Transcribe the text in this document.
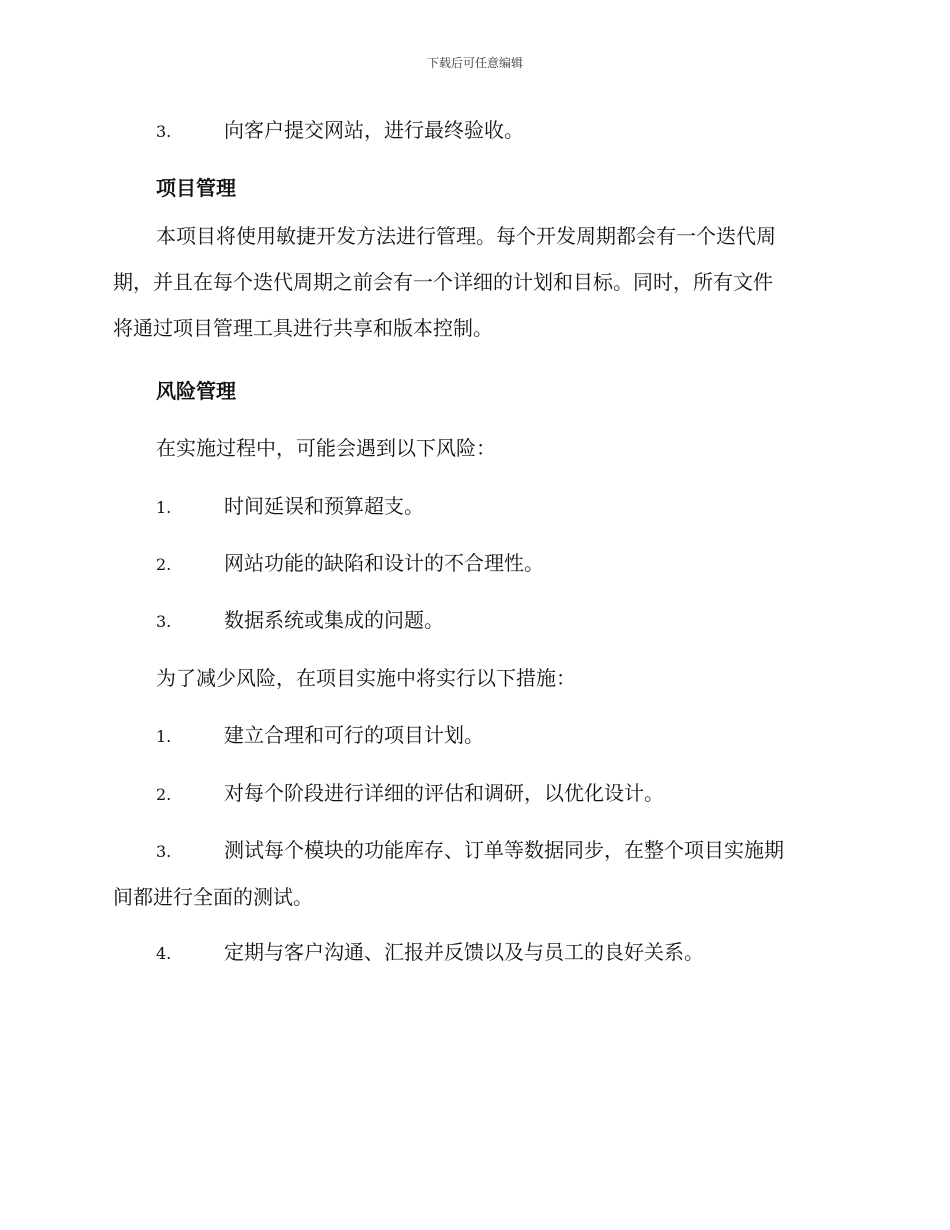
下载后可任意编辑
3.	向客户提交网站，进行最终验收。
项目管理
本项目将使用敏捷开发方法进行管理。每个开发周期都会有一个迭代周
期，并且在每个迭代周期之前会有一个详细的计划和目标。同时，所有文件
将通过项目管理工具进行共享和版本控制。
风险管理
在实施过程中，可能会遇到以下风险：
1.	时间延误和预算超支。
2.	网站功能的缺陷和设计的不合理性。
3.	数据系统或集成的问题。
为了减少风险，在项目实施中将实行以下措施：
1.	建立合理和可行的项目计划。
2.	对每个阶段进行详细的评估和调研，以优化设计。
3.	测试每个模块的功能库存、订单等数据同步，在整个项目实施期
间都进行全面的测试。
4.	定期与客户沟通、汇报并反馈以及与员工的良好关系。
